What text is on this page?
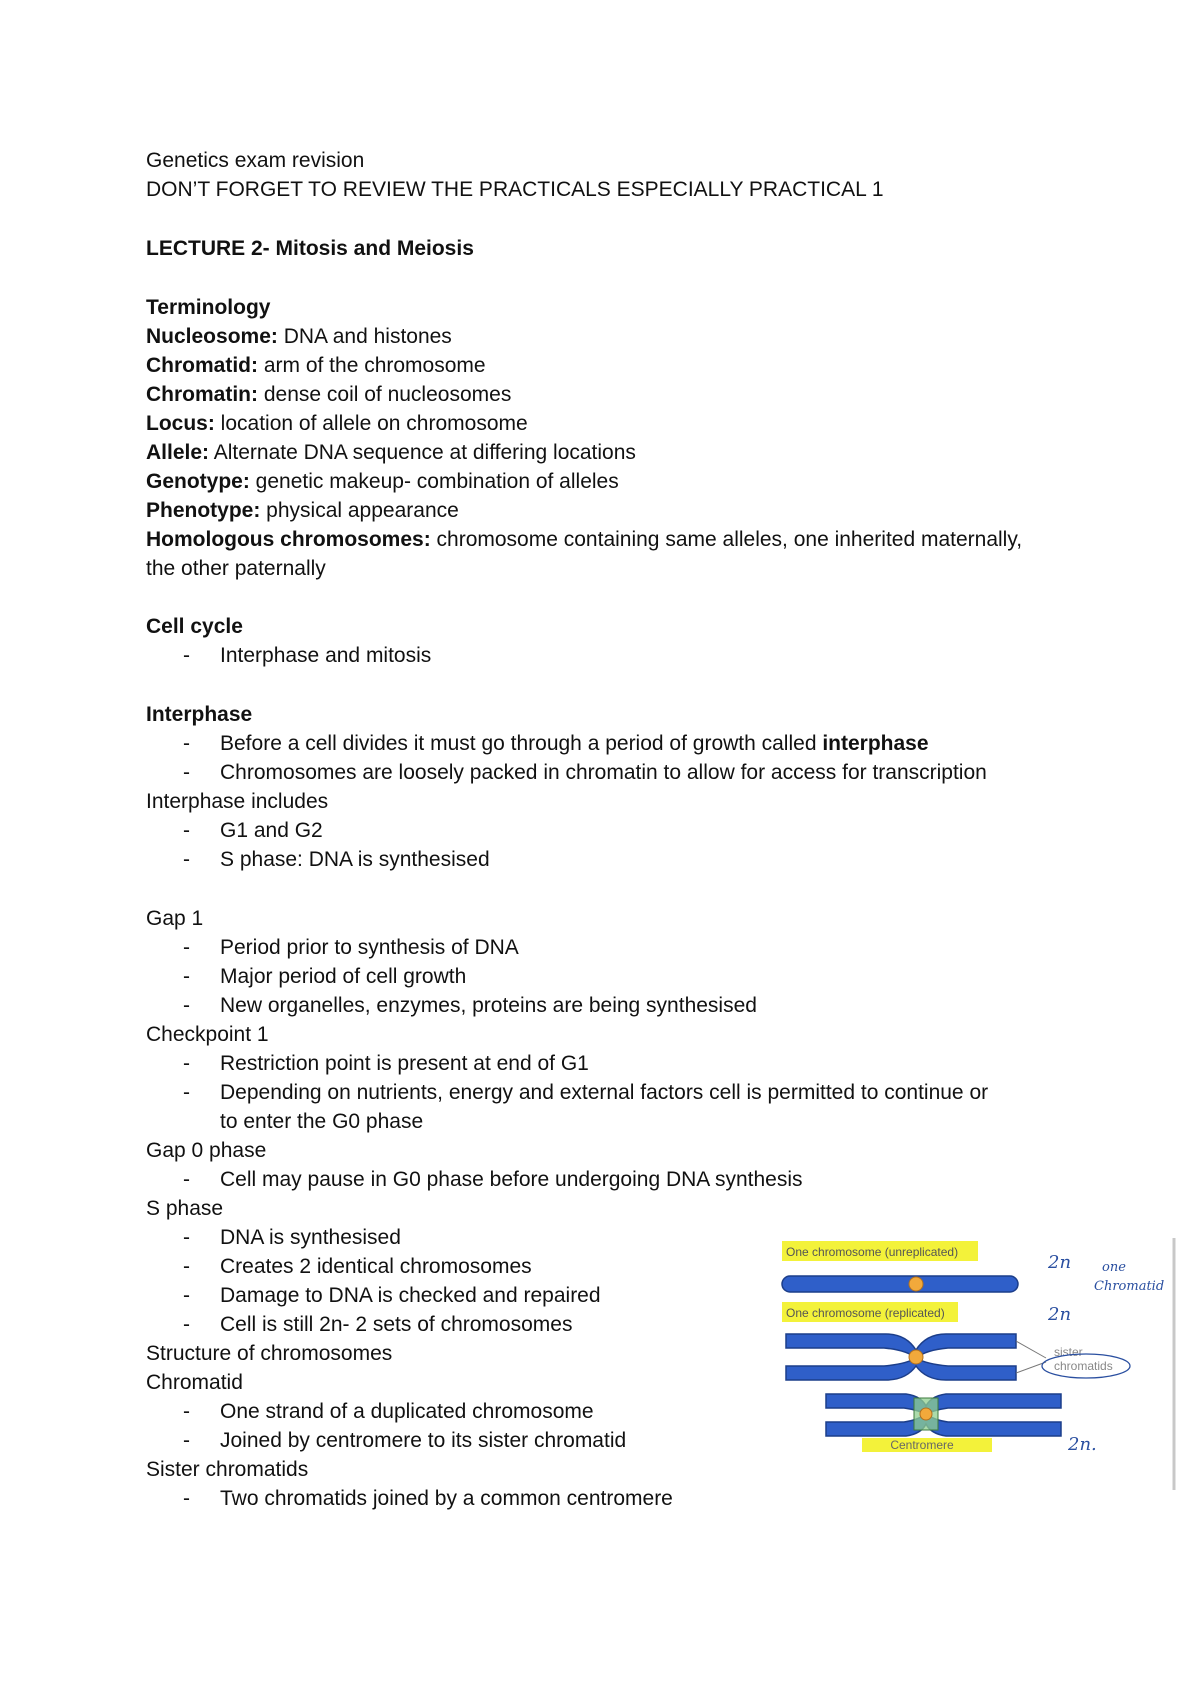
Genetics exam revision
DON’T FORGET TO REVIEW THE PRACTICALS ESPECIALLY PRACTICAL 1
LECTURE 2- Mitosis and Meiosis
Terminology
Nucleosome: DNA and histones
Chromatid: arm of the chromosome
Chromatin: dense coil of nucleosomes
Locus: location of allele on chromosome
Allele: Alternate DNA sequence at differing locations
Genotype: genetic makeup- combination of alleles
Phenotype: physical appearance
Homologous chromosomes: chromosome containing same alleles, one inherited maternally,
the other paternally
Cell cycle
- Interphase and mitosis
Interphase
- Before a cell divides it must go through a period of growth called interphase
- Chromosomes are loosely packed in chromatin to allow for access for transcription
Interphase includes
- G1 and G2
- S phase: DNA is synthesised
Gap 1
- Period prior to synthesis of DNA
- Major period of cell growth
- New organelles, enzymes, proteins are being synthesised
Checkpoint 1
- Restriction point is present at end of G1
- Depending on nutrients, energy and external factors cell is permitted to continue or
to enter the G0 phase
Gap 0 phase
- Cell may pause in G0 phase before undergoing DNA synthesis
S phase
- DNA is synthesised
- Creates 2 identical chromosomes
- Damage to DNA is checked and repaired
- Cell is still 2n- 2 sets of chromosomes
Structure of chromosomes
Chromatid
- One strand of a duplicated chromosome
- Joined by centromere to its sister chromatid
Sister chromatids
- Two chromatids joined by a common centromere
One chromosome (unreplicated)
One chromosome (replicated)
sister
chromatids
Centromere
2n one
Chromatid
2n
2n.
